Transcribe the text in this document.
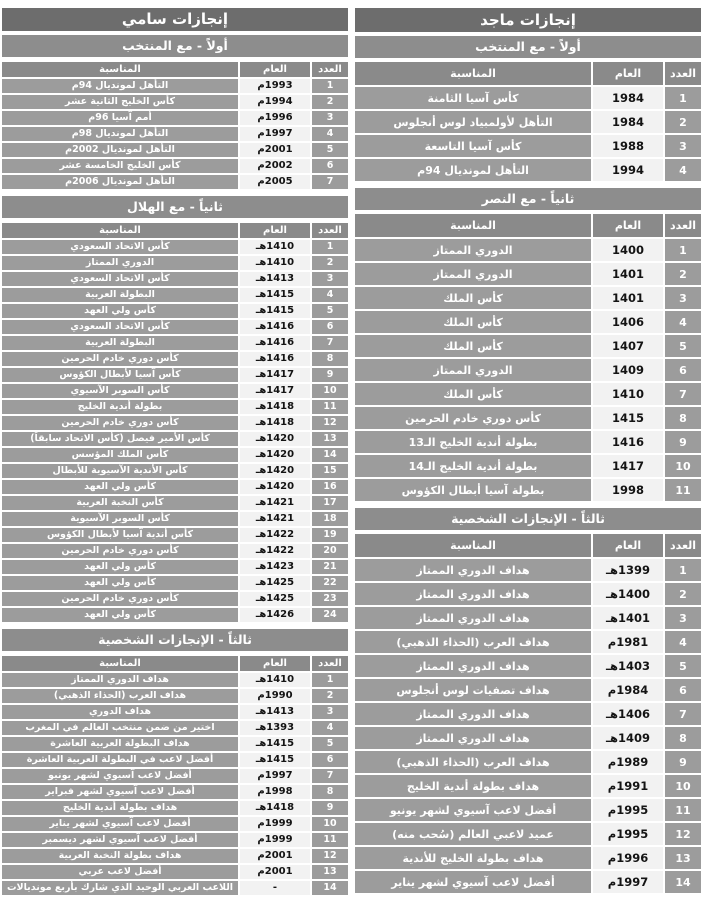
إنجازات ماجد
أولاً - مع المنتخب
العدد
العام
المناسبة
1
1984
كأس آسيا الثامنة
2
1984
التأهل لأولمبياد لوس أنجلوس
3
1988
كأس آسيا التاسعة
4
1994
التأهل لمونديال 94م
ثانياً - مع النصر
العدد
العام
المناسبة
1
1400
الدوري الممتاز
2
1401
الدوري الممتاز
3
1401
كأس الملك
4
1406
كأس الملك
5
1407
كأس الملك
6
1409
الدوري الممتاز
7
1410
كأس الملك
8
1415
كأس دوري خادم الحرمين
9
1416
بطولة أندية الخليج الـ13
10
1417
بطولة أندية الخليج الـ14
11
1998
بطولة آسيا أبطال الكؤوس
ثالثاً - الإنجازات الشخصية
العدد
العام
المناسبة
1
1399هـ
هداف الدوري الممتاز
2
1400هـ
هداف الدوري الممتاز
3
1401هـ
هداف الدوري الممتاز
4
1981م
هداف العرب (الحذاء الذهبي)
5
1403هـ
هداف الدوري الممتاز
6
1984م
هداف تصفيات لوس أنجلوس
7
1406هـ
هداف الدوري الممتاز
8
1409هـ
هداف الدوري الممتاز
9
1989م
هداف العرب (الحذاء الذهبي)
10
1991م
هداف بطولة أندية الخليج
11
1995م
أفضل لاعب آسيوي لشهر يونيو
12
1995م
عميد لاعبي العالم (سُحب منه)
13
1996م
هداف بطولة الخليج للأندية
14
1997م
أفضل لاعب آسيوي لشهر يناير
إنجازات سامي
أولاً - مع المنتخب
العدد
العام
المناسبة
1
1993م
التأهل لمونديال 94م
2
1994م
كأس الخليج الثانية عشر
3
1996م
أمم آسيا 96م
4
1997م
التأهل لمونديال 98م
5
2001م
التأهل لمونديال 2002م
6
2002م
كأس الخليج الخامسة عشر
7
2005م
التأهل لمونديال 2006م
ثانياً - مع الهلال
العدد
العام
المناسبة
1
1410هـ
كأس الاتحاد السعودي
2
1410هـ
الدوري الممتاز
3
1413هـ
كأس الاتحاد السعودي
4
1415هـ
البطولة العربية
5
1415هـ
كأس ولي العهد
6
1416هـ
كأس الاتحاد السعودي
7
1416هـ
البطولة العربية
8
1416هـ
كأس دوري خادم الحرمين
9
1417هـ
كأس آسيا لأبطال الكؤوس
10
1417هـ
كأس السوبر الآسيوي
11
1418هـ
بطولة أندية الخليج
12
1418هـ
كأس دوري خادم الحرمين
13
1420هـ
كأس الأمير فيصل (كأس الاتحاد سابقاً)
14
1420هـ
كأس الملك المؤسس
15
1420هـ
كأس الأندية الآسيوية للأبطال
16
1420هـ
كأس ولي العهد
17
1421هـ
كأس النخبة العربية
18
1421هـ
كأس السوبر الآسيوية
19
1422هـ
كأس أندية آسيا لأبطال الكؤوس
20
1422هـ
كأس دوري خادم الحرمين
21
1423هـ
كأس ولي العهد
22
1425هـ
كأس ولي العهد
23
1425هـ
كأس دوري خادم الحرمين
24
1426هـ
كأس ولي العهد
ثالثاً - الإنجازات الشخصية
العدد
العام
المناسبة
1
1410هـ
هداف الدوري الممتاز
2
1990م
هداف العرب (الحذاء الذهبي)
3
1413هـ
هداف الدوري
4
1393هـ
اختير من ضمن منتخب العالم في المغرب
5
1415هـ
هداف البطولة العربية العاشرة
6
1415هـ
أفضل لاعب في البطولة العربية العاشرة
7
1997م
أفضل لاعب آسيوي لشهر يونيو
8
1998م
أفضل لاعب آسيوي لشهر فبراير
9
1418هـ
هداف بطولة أندية الخليج
10
1999م
أفضل لاعب آسيوي لشهر يناير
11
1999م
أفضل لاعب آسيوي لشهر ديسمبر
12
2001م
هداف بطولة النخبة العربية
13
2001م
أفضل لاعب عربي
14
-
اللاعب العربي الوحيد الذي شارك بأربع مونديالات
